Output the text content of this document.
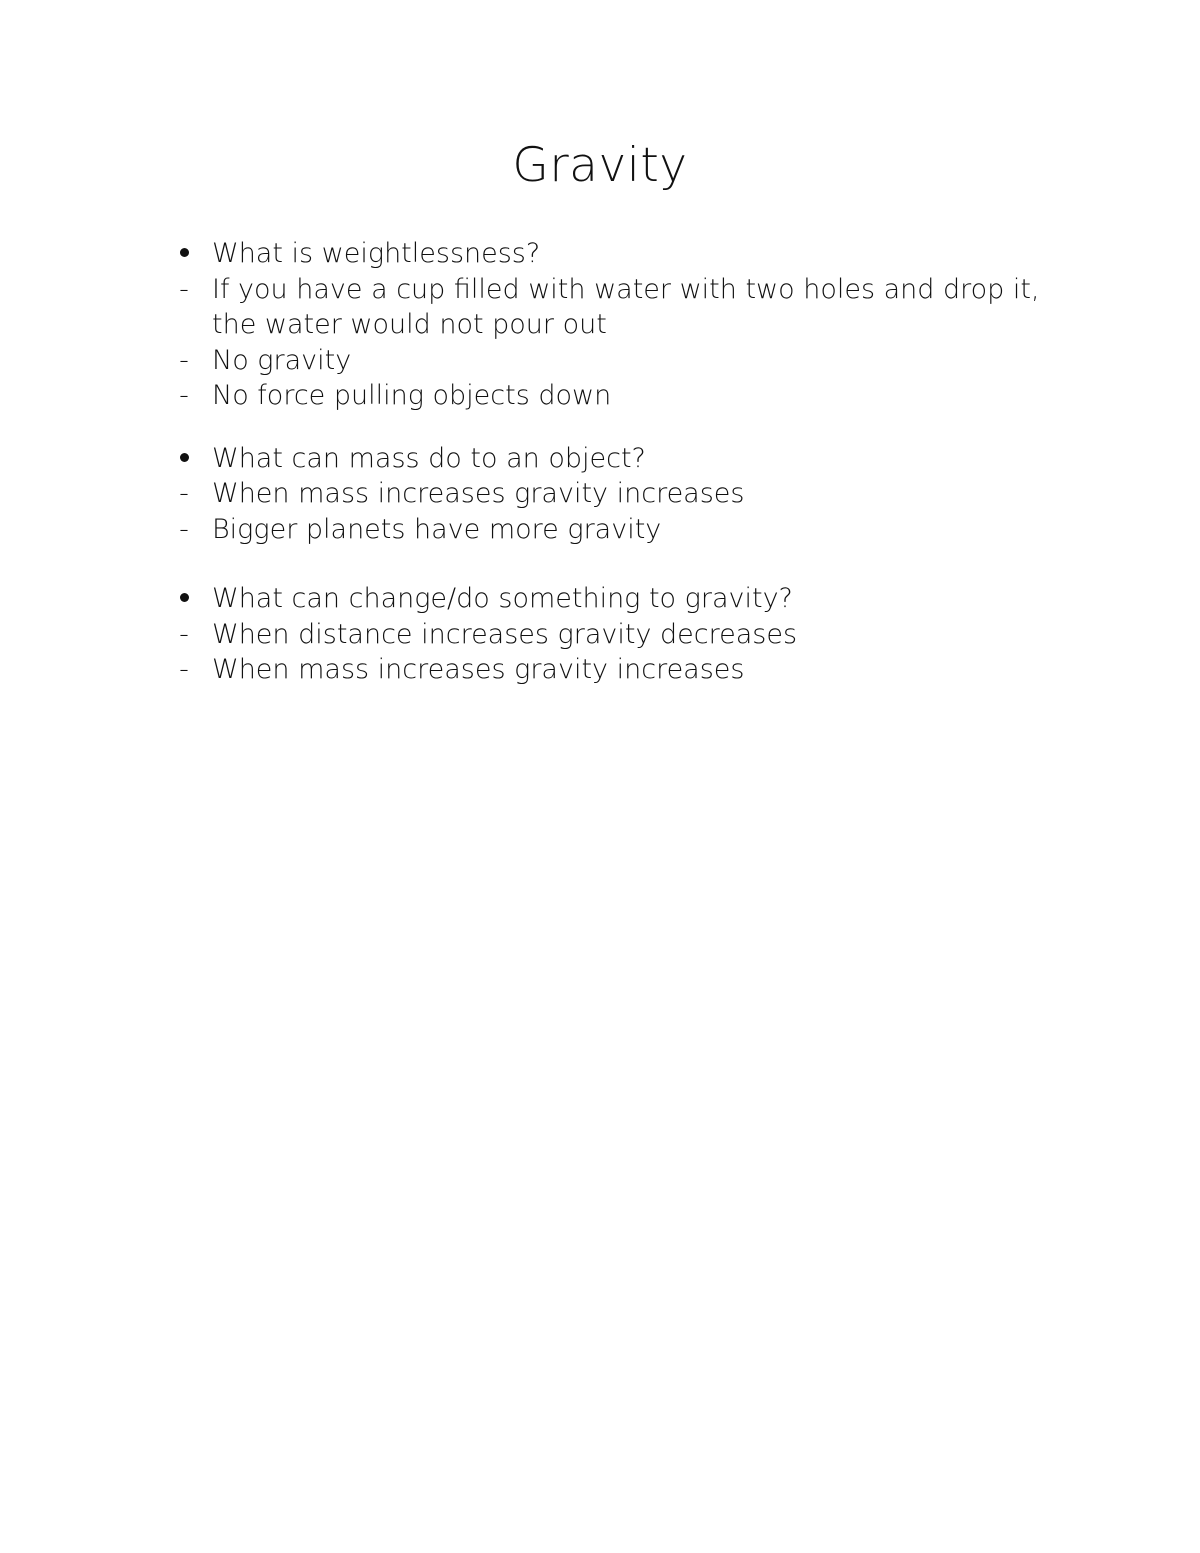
Gravity
What is weightlessness?
- If you have a cup filled with water with two holes and drop it, the water would not pour out
- No gravity
- No force pulling objects down
What can mass do to an object?
- When mass increases gravity increases
- Bigger planets have more gravity
What can change/do something to gravity?
- When distance increases gravity decreases
- When mass increases gravity increases
